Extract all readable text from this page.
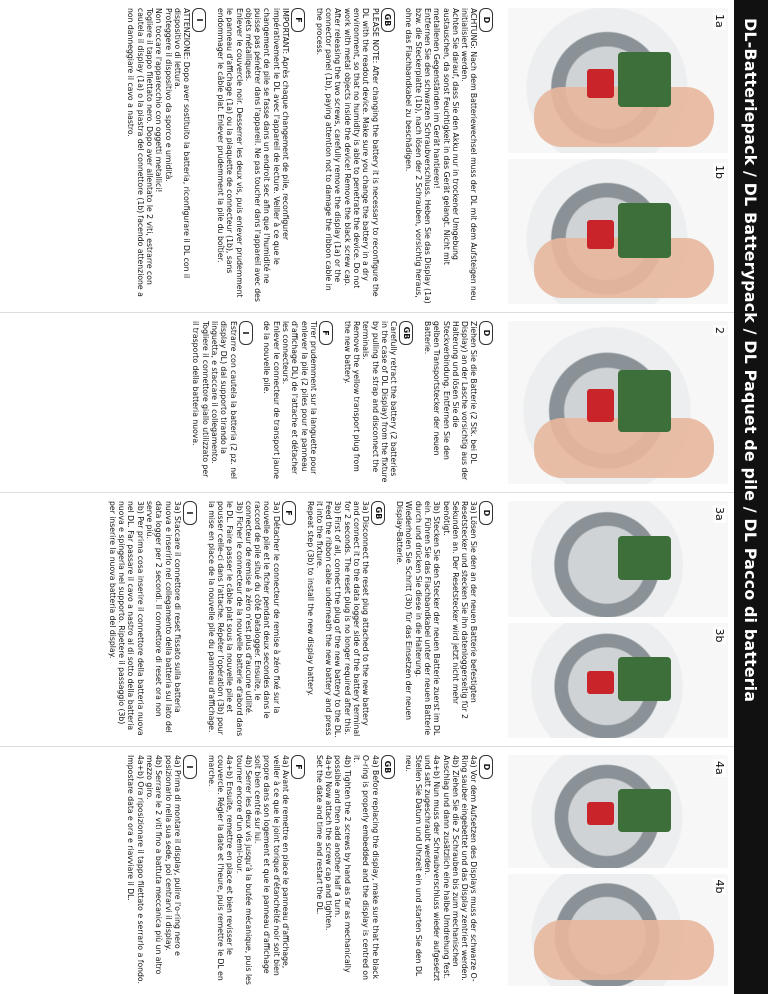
DL-Batteriepack / DL Batterypack / DL Paquet de pile / DL Pacco di batteria
1a
1b
D

ACHTUNG: Nach dem Batteriewechsel muss der DL mit dem Aufsteigen neu initialisiert werden.
Achten Sie darauf, dass Sie den Akku nur in trockener Umgebung austauschen, da sonst Feuchtigkeit in das Gerät gelangt. Nicht mit metallenen Gegenständen im Gerät hantieren!
Entfernen Sie den schwarzen Schraubverschluss. Heben Sie das Display (1a) bzw. die Steckerplatte (1b), nach lösen der 2 Schrauben, vorsichtig heraus, ohne das Flachbandkabel zu beschädigen.

GB

PLEASE NOTE: After changing the battery it is necessary to reconfigure the DL with the readout device. Make sure you change the battery in a dry environment, so that no humidity is able to penetrate the device. Do not work with metal objects inside the device! Remove the black screw cap. After releasing the two screws, carefully remove the display (1a) or the connector panel (1b), paying attention not to damage the ribbon cable in the process.

F

IMPORTANT: Après chaque changement de pile, reconfigurer impérativement le DL avec l'appareil de lecture. Veiller à ce que le changement de pile se fasse dans un endroit sec afin que l'humidité ne puisse pas pénétrer dans l'appareil. Ne pas toucher dans l'appareil avec des objets métalliques.
Enlever le couvercle noir. Desserrer les deux vis, puis enlever prudemment le panneau d'affichage (1a) ou la plaquette de connecteur (1b), sans endommager le câble plat. Enlever prudemment la pile du boîtier.

I

ATTENZIONE: Dopo aver sostituito la batteria, riconfigurare il DL con il dispositivo di lettura.
Proteggere il dispositivo da sporco e umidità.
Non toccare l'apparecchio con oggetti metallici!
Togliere il tappo filettato nero. Dopo aver allentato le 2 viti, estrarre con cautela il display (1a) o la piastra del connettore (1b) facendo attenzione a non danneggiare il cavo a nastro.

2
D

Ziehen Sie die Batterie (2 Stk. bei DL Display) an der Lasche vorsichtig aus der Halterung und lösen Sie die Steckverbindung. Entfernen Sie den gelben Transportstecker der neuen Batterie.

GB

Carefully retract the battery (2 batteries in the case of DL Display) from the fixture by pulling the strap and disconnect the terminals.
Remove the yellow transport plug from the new battery.

F

Tirer prudemment sur la languette pour enlever la pile (2 piles pour le panneau d'affichage DL) de l'attache et détacher les connecteurs.
Enlever le connecteur de transport jaune de la nouvelle pile.

I

Estrarre con cautela la batteria (2 pz. nel display DL) dal supporto tirando la linguetta, e staccare il collegamento. Togliere il connettore giallo utilizzato per il trasporto della batteria nuova.

3a
3b
D

3a) Lösen Sie den an der neuen Batterie befestigten Resetstecker und stecken Sie ihn datenloggerseitig für 2 Sekunden an. Der Resetstecker wird jetzt nicht mehr benötigt.
3b) Stecken Sie den Stecker der neuen Batterie zuerst im DL ein. Führen Sie das Flachbandkabel unter der neuen Batterie durch und drücken Sie diese in die Halterung.
Wiederholen Sie Schritt (3b) für das Einsetzen der neuen Display-Batterie.

GB

3a) Disconnect the reset plug attached to the new battery and connect it to the data logger side of the battery terminal for 2 seconds. The reset plug is no longer required after this.
3b) First of all, connect the plug of the new battery to the DL. Feed the ribbon cable underneath the new battery and press it into the fixture.
Repeat step (3b) to install the new display battery.

F

3a) Détacher le connecteur de remise à zéro fixé sur la nouvelle pile et le ficher pendant deux secondes dans le raccord de pile situé du côté Datalogger. Ensuite, le connecteur de remise à zéro n'est plus d'aucune utilité.
3b) Ficher le connecteur de la nouvelle batterie d'abord dans le DL. Faire passer le câble plat sous la nouvelle pile et pousser celle-ci dans l'attache. Répéter l'opération (3b) pour la mise en place de la nouvelle pile du panneau d'affichage.

I

3a) Staccare il connettore di reset fissato sulla batteria nuova e inserirlo nel collegamento della batteria sul lato del data logger per 2 secondi. Il connettore di reset ora non serve più.
3b) Per prima cosa inserire il connettore della batteria nuova nel DL. Far passare il cavo a nastro al di sotto della batteria nuova e spingerla nel supporto. Ripetere il passaggio (3b) per inserire la nuova batteria del display.

4a
4b
D

4a) Vor dem Aufsetzen des Displays muss der schwarze O-Ring sauber eingebettet und das Display zentriert werden.
4b) Ziehen Sie die 2 Schrauben bis zum mechanischen Anschlag und dann zusätzlich eine halbe Umdrehung fest.
4a+b) Nun muss der Schraubverschluss wieder aufgesetzt und satt zugeschraubt werden.
Stellen Sie Datum und Uhrzeit ein und starten Sie den DL neu.

GB

4a) Before replacing the display, make sure that the black O-ring is properly embedded and the display is centred on it.
4b) Tighten the 2 screws by hand as far as mechanically possible and then add another half a turn.
4a+b) Now attach the screw cap and tighten.
Set the date and time and restart the DL.

F

4a) Avant de remettre en place le panneau d'affichage, veiller à ce que le joint torique d'étanchéité noir soit bien propre dans son logement et que le panneau d'affichage soit bien centré sur lui.
4b) Serrer les deux vis jusqu'à la butée mécanique, puis les tourner encore d'un demi-tour.
4a+b) Ensuite, remettre en place et bien revisser le couvercle. Régler la date et l'heure, puis remettre le DL en marche.

I

4a) Prima di montare il display, pulire l'o-ring nero e posizionarlo nella sua sede, poi centrarvi il display.
4b) Serrare le 2 viti fino a battuta meccanica più un altro mezzo giro.
4a+b) Ora riposizionare il tappo filettato e serrarlo a fondo. Impostare data e ora e riavviare il DL.
